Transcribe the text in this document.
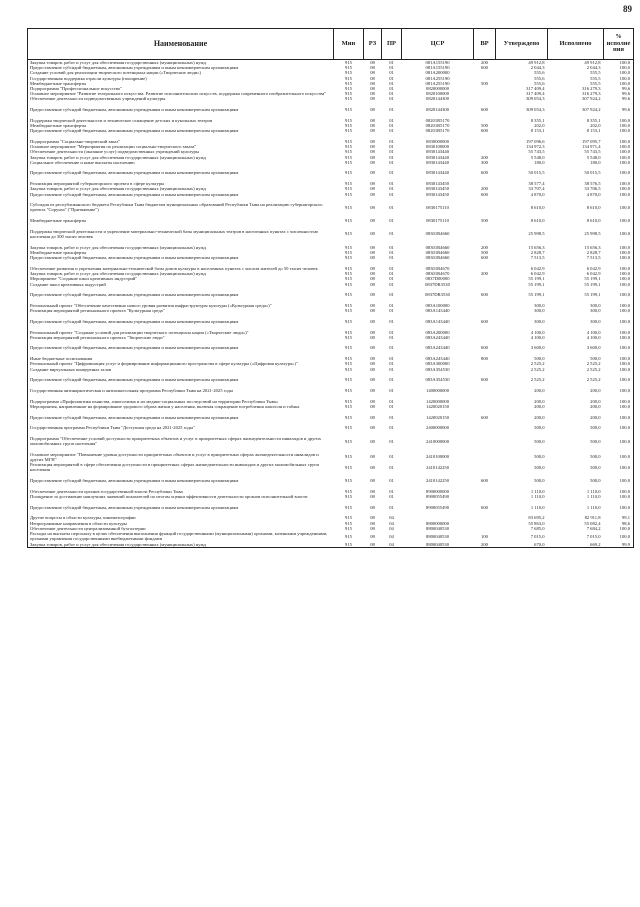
89
Наименование	Мин	РЗ	ПР	ЦСР	ВР	Утверждено	Исполнено	% исполне ния
Закупка товаров, работ и услуг для обеспечения государственных (муниципальных) нужд	915	08	01	081А155190	200	49 912,8	49 912,8	100,0
Предоставление субсидий бюджетным, автономным учреждениям и иным некоммерческим организациям	915	08	01	081А155190	600	2 044,3	2 044,3	100,0
Создание условий для реализации творческого потенциала нации («Творческие люди»)	915	08	01	081А200000		555,6	555,5	100,0
Государственная поддержка отрасли культуры (поощрение)	915	08	01	081А255190		555,6	555,5	100,0
Межбюджетные трансферты	915	08	01	081А255190	500	555,6	555,5	100,0
Подпрограмма "Профессиональное искусство"	915	08	01	0820000000		317 409,4	316 279,3	99,6
Основное мероприятие "Развитие театрального искусства. Развитие исполнительских искусств, поддержка современного изобразительного искусства"	915	08	01	0820100000		317 409,4	316 279,3	99,6
Обеспечение деятельности подведомственных учреждений культуры	915	08	01	0820144300		309 054,3	307 924,2	99,6

Предоставление субсидий бюджетным, автономным учреждениям и иным некоммерческим организациям	915	08	01	0820144300	600	309 054,3	307 924,2	99,6

Поддержка творческой деятельности и техническое оснащение детских и кукольных театров	915	08	01	08201R5170		8 355,1	8 355,1	100,0
Межбюджетные трансферты	915	08	01	08201R5170	500	202,0	202,0	100,0
Предоставление субсидий бюджетным, автономным учреждениям и иным некоммерческим организациям	915	08	01	08201R5170	600	8 153,1	8 153,1	100,0

Подпрограмма "Социально-творческий заказ"	915	08	01	0830000000		197 096,6	197 095,7	100,0
Основное мероприятие "Мероприятия по реализации социально-творческого заказа"	915	08	01	0830100000		134 972,3	134 971,4	100,0
Обеспечение деятельности (оказание услуг) подведомственных учреждений культуры	915	08	01	0830143440		55 743,5	55 743,5	100,0
Закупка товаров, работ и услуг для обеспечения государственных (муниципальных) нужд	915	08	01	0830143440	200	5 548,0	5 548,0	100,0
Социальное обеспечение и иные выплаты населению	915	08	01	0830143440	300	180,0	180,0	100,0

Предоставление субсидий бюджетным, автономным учреждениям и иным некоммерческим организациям	915	08	01	0830143440	600	50 015,5	50 015,5	100,0

Реализация мероприятий губернаторского проекта в сфере культуры	915	08	01	0830143450		38 577,4	38 576,5	100,0
Закупка товаров, работ и услуг для обеспечения государственных (муниципальных) нужд	915	08	01	0830143450	200	33 707,4	33 706,5	100,0
Предоставление субсидий бюджетным, автономным учреждениям и иным некоммерческим организациям	915	08	01	0830143450	600	4 870,0	4 870,0	100,0

Субсидия из республиканского бюджета Республики Тыва бюджетам муниципальных образований Республики Тыва на реализацию губернаторского проекта "Сорунза" ("Притяжение")	915	08	01	0830175110		8 610,0	8 610,0	100,0

Межбюджетные трансферты	915	08	01	0830175110	500	8 610,0	8 610,0	100,0

Поддержка творческой деятельности и укрепление материально-технической базы муниципальных театров в населенных пунктах с численностью населения до 300 тысяч человек	915	08	01	08301R4660		25 998,5	25 998,5	100,0

Закупка товаров, работ и услуг для обеспечения государственных (муниципальных) нужд	915	08	01	08301R4660	200	15 656,3	15 656,3	100,0
Межбюджетные трансферты	915	08	01	08301R4660	500	2 828,7	2 828,7	100,0
Предоставление субсидий бюджетным, автономным учреждениям и иным некоммерческим организациям	915	08	01	08301R4660	600	7 513,5	7 513,5	100,0

Обеспечение развития и укрепления материально-технической базы домов культуры в населенных пунктах с числом жителей до 50 тысяч человек	915	08	01	08301R4670		6 042,9	6 042,9	100,0
Закупка товаров, работ и услуг для обеспечения государственных (муниципальных) нужд	915	08	01	08301R4670	200	6 042,9	6 042,9	100,0
Мероприятие "Создание школ креативных индустрий"	915	08	01	0837D00000		55 199,1	55 199,1	100,0
Создание школ креативных индустрий	915	08	01	0837DR3530		55 199,1	55 199,1	100,0

Предоставление субсидий бюджетным, автономным учреждениям и иным некоммерческим организациям	915	08	01	0837DR3530	600	55 199,1	55 199,1	100,0

Региональный проект "Обеспечение качественно нового уровня развития инфраструктуры культуры («Культурная среда»)"	915	08	01	083А100000		300,0	300,0	100,0
Реализация мероприятий регионального проекта "Культурная среда"	915	08	01	083А143440		300,0	300,0	100,0

Предоставление субсидий бюджетным, автономным учреждениям и иным некоммерческим организациям	915	08	01	083А143440	600	300,0	300,0	100,0

Региональный проект "Создание условий для реализации творческого потенциала нации («Творческие люди»)"	915	08	01	083А200000		4 100,0	4 100,0	100,0
Реализация мероприятий регионального проекта "Творческие люди"	915	08	01	083А243440		4 100,0	4 100,0	100,0

Предоставление субсидий бюджетным, автономным учреждениям и иным некоммерческим организациям	915	08	01	083А243440	600	3 600,0	3 600,0	100,0

Иные бюджетные ассигнования	915	08	01	083А243440	800	500,0	500,0	100,0
Региональный проект "Цифровизация услуг и формирование информационного пространства в сфере культуры («Цифровая культура»)"	915	08	01	083А300000		2 525,2	2 525,2	100,0
Создание виртуальных концертных залов	915	08	01	083А354530		2 525,2	2 525,2	100,0

Предоставление субсидий бюджетным, автономным учреждениям и иным некоммерческим организациям	915	08	01	083А354530	600	2 525,2	2 525,2	100,0

Государственная антинаркотическая и антиалкогольная программа Республики Тыва на 2021-2025 годы	915	08	01	1400000000		200,0	200,0	100,0

Подпрограмма «Профилактика пьянства, алкоголизма и их медико-социальных последствий на территории Республики Тыва»	915	08	01	1420000000		200,0	200,0	100,0
Мероприятия, направленные на формирование здорового образа жизни у населения, включая сокращение потребления алкоголя и табака	915	08	01	1420020150		200,0	200,0	100,0

Предоставление субсидий бюджетным, автономным учреждениям и иным некоммерческим организациям	915	08	01	1420020150	600	200,0	200,0	100,0

Государственная программа Республики Тыва "Доступная среда на 2021-2025 годы"	915	08	01	2400000000		500,0	500,0	100,0

Подпрограмма "Обеспечение условий доступности приоритетных объектов и услуг в приоритетных сферах жизнедеятельности инвалидов и других маломобильных групп населения"	915	08	01	2410000000		500,0	500,0	100,0

Основное мероприятие "Повышение уровня доступности приоритетных объектов и услуг в приоритетных сферах жизнедеятельности инвалидов и других МГН"	915	08	01	2410100000		500,0	500,0	100,0
Реализация мероприятий в сфере обеспечения доступности в приоритетных сферах жизнедеятельности инвалидов и других маломобильных групп населения	915	08	01	2410142250		500,0	500,0	100,0

Предоставление субсидий бюджетным, автономным учреждениям и иным некоммерческим организациям	915	08	01	2410142250	600	500,0	500,0	100,0

Обеспечение деятельности органов государственной власти Республики Тыва	915	08	01	8900000000		1 110,0	1 110,0	100,0
Поощрение за достижение наилучших значений показателей по итогам оценки эффективности деятельности органов исполнительной власти	915	08	01	8900055490		1 110,0	1 110,0	100,0

Предоставление субсидий бюджетным, автономным учреждениям и иным некоммерческим организациям	915	08	01	8900055490	600	1 110,0	1 110,0	100,0

Другие вопросы в области культуры, кинематографии	915	08	04			83 695,2	82 911,8	99,1
Непрограммные направления в области культуры	915	08	04	8800000000		55 863,0	55 082,4	98,6
Обеспечение деятельности централизованной бухгалтерии	915	08	04	8800040530		7 685,0	7 684,2	100,0
Расходы на выплаты персоналу в целях обеспечения выполнения функций государственными (муниципальными) органами, казенными учреждениями, органами управления государственными внебюджетными фондами	915	08	04	8800040530	100	7 015,0	7 015,0	100,0
Закупка товаров, работ и услуг для обеспечения государственных (муниципальных) нужд	915	08	04	8800040530	200	670,0	669,2	99,9
